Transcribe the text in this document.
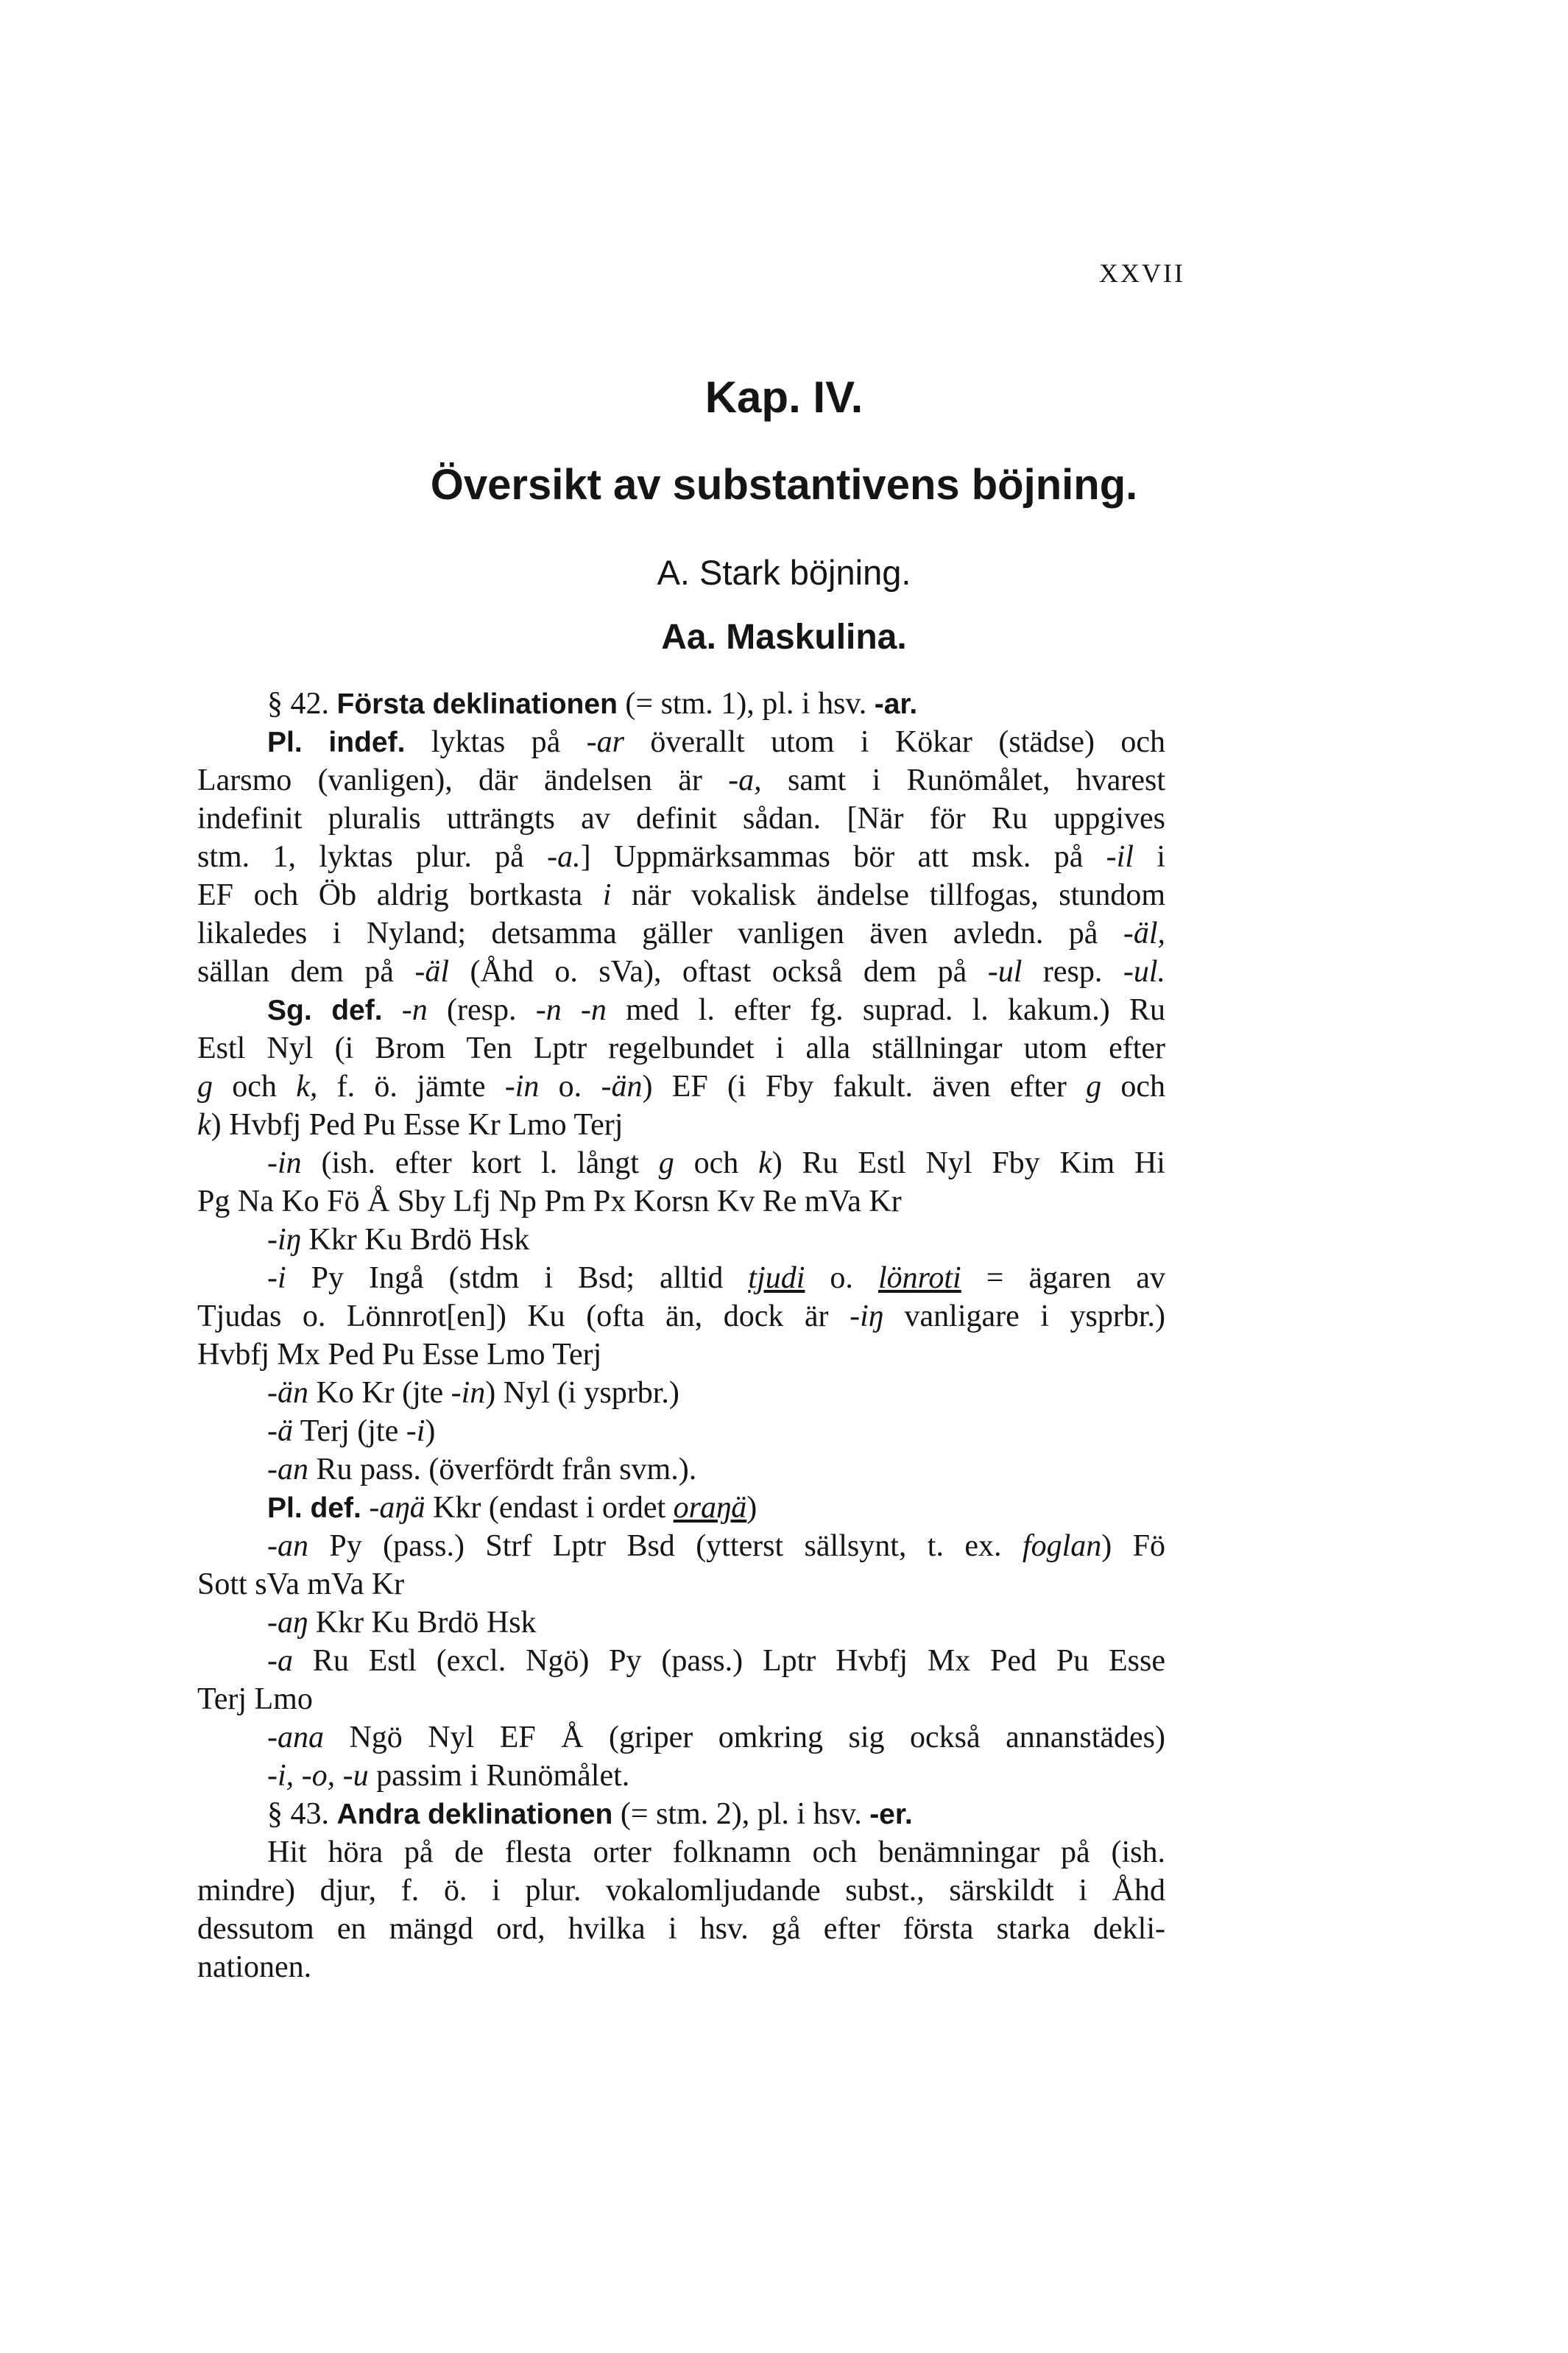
XXVII
Kap. IV.
Översikt av substantivens böjning.
A. Stark böjning.
Aa. Maskulina.
§ 42. Första deklinationen (= stm. 1), pl. i hsv. -ar.
Pl. indef. lyktas på -ar överallt utom i Kökar (städse) och
Larsmo (vanligen), där ändelsen är -a, samt i Runömålet, hvarest
indefinit pluralis utträngts av definit sådan. [När för Ru uppgives
stm. 1, lyktas plur. på -a.] Uppmärksammas bör att msk. på -il i
EF och Öb aldrig bortkasta i när vokalisk ändelse tillfogas, stundom
likaledes i Nyland; detsamma gäller vanligen även avledn. på -äl,
sällan dem på -äl (Åhd o. sVa), oftast också dem på -ul resp. -ul.
Sg. def. -n (resp. -n -n med l. efter fg. suprad. l. kakum.) Ru
Estl Nyl (i Brom Ten Lptr regelbundet i alla ställningar utom efter
g och k, f. ö. jämte -in o. -än) EF (i Fby fakult. även efter g och
k) Hvbfj Ped Pu Esse Kr Lmo Terj
-in (ish. efter kort l. långt g och k) Ru Estl Nyl Fby Kim Hi
Pg Na Ko Fö Å Sby Lfj Np Pm Px Korsn Kv Re mVa Kr
-iŋ Kkr Ku Brdö Hsk
-i Py Ingå (stdm i Bsd; alltid tjudi o. lönroti = ägaren av
Tjudas o. Lönnrot[en]) Ku (ofta än, dock är -iŋ vanligare i ysprbr.)
Hvbfj Mx Ped Pu Esse Lmo Terj
-än Ko Kr (jte -in) Nyl (i ysprbr.)
-ä Terj (jte -i)
-an Ru pass. (överfördt från svm.).
Pl. def. -aŋä Kkr (endast i ordet oraŋä)
-an Py (pass.) Strf Lptr Bsd (ytterst sällsynt, t. ex. foglan) Fö
Sott sVa mVa Kr
-aŋ Kkr Ku Brdö Hsk
-a Ru Estl (excl. Ngö) Py (pass.) Lptr Hvbfj Mx Ped Pu Esse
Terj Lmo
-ana Ngö Nyl EF Å (griper omkring sig också annanstädes)
-i, -o, -u passim i Runömålet.
§ 43. Andra deklinationen (= stm. 2), pl. i hsv. -er.
Hit höra på de flesta orter folknamn och benämningar på (ish.
mindre) djur, f. ö. i plur. vokalomljudande subst., särskildt i Åhd
dessutom en mängd ord, hvilka i hsv. gå efter första starka dekli-
nationen.
